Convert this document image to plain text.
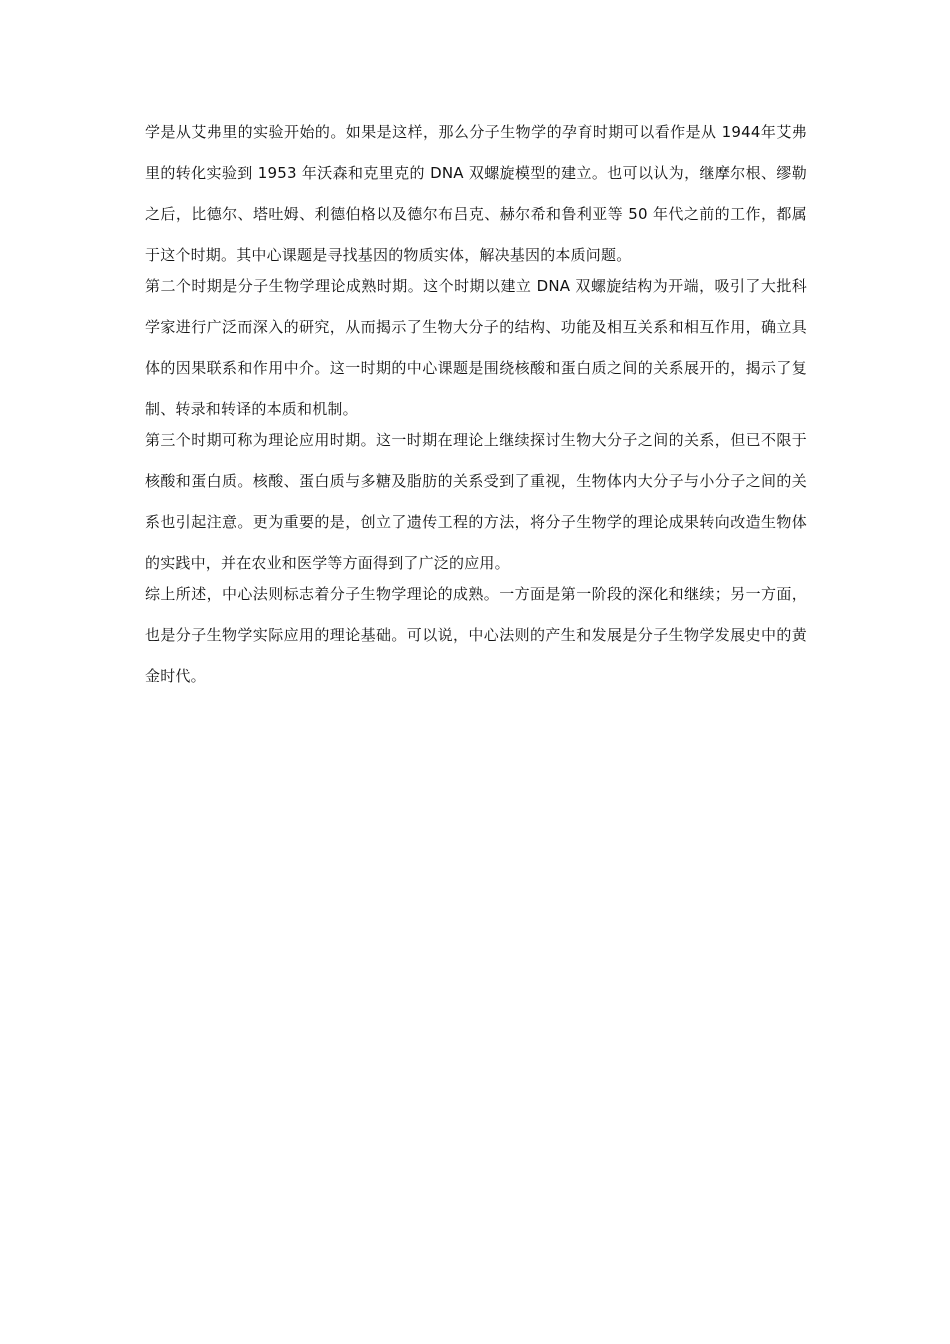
学是从艾弗里的实验开始的。如果是这样，那么分子生物学的孕育时期可以看作是从 1944年艾弗里的转化实验到 1953 年沃森和克里克的 DNA 双螺旋模型的建立。也可以认为，继摩尔根、缪勒之后，比德尔、塔吐姆、利德伯格以及德尔布吕克、赫尔希和鲁利亚等 50 年代之前的工作，都属于这个时期。其中心课题是寻找基因的物质实体，解决基因的本质问题。

第二个时期是分子生物学理论成熟时期。这个时期以建立 DNA 双螺旋结构为开端，吸引了大批科学家进行广泛而深入的研究，从而揭示了生物大分子的结构、功能及相互关系和相互作用，确立具体的因果联系和作用中介。这一时期的中心课题是围绕核酸和蛋白质之间的关系展开的，揭示了复制、转录和转译的本质和机制。

第三个时期可称为理论应用时期。这一时期在理论上继续探讨生物大分子之间的关系，但已不限于核酸和蛋白质。核酸、蛋白质与多糖及脂肪的关系受到了重视，生物体内大分子与小分子之间的关系也引起注意。更为重要的是，创立了遗传工程的方法，将分子生物学的理论成果转向改造生物体的实践中，并在农业和医学等方面得到了广泛的应用。

综上所述，中心法则标志着分子生物学理论的成熟。一方面是第一阶段的深化和继续；另一方面，也是分子生物学实际应用的理论基础。可以说，中心法则的产生和发展是分子生物学发展史中的黄金时代。
